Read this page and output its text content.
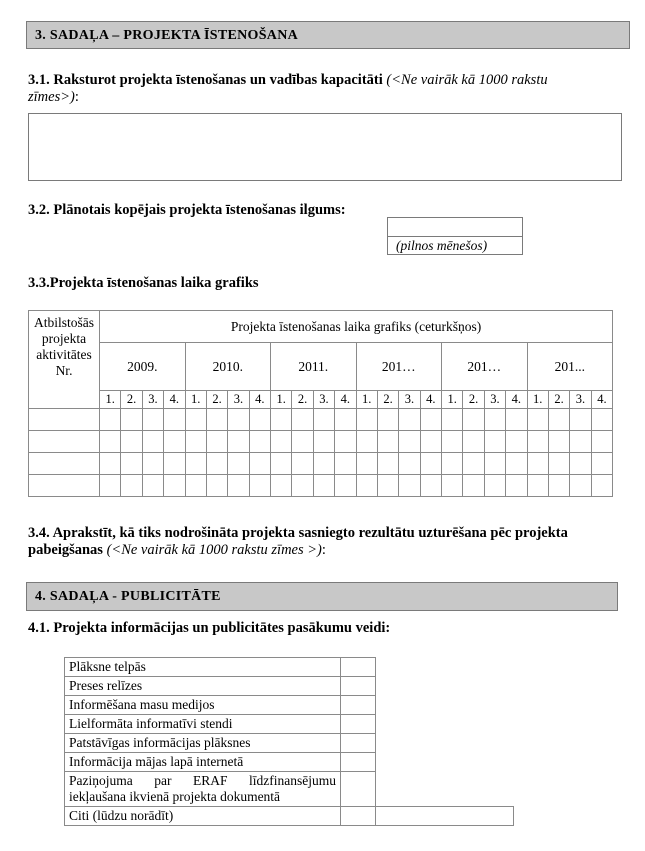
3. SADAĻA – PROJEKTA ĪSTENOŠANA
3.1. Raksturot projekta īstenošanas un vadības kapacitāti (<Ne vairāk kā 1000 rakstu
zīmes>):
3.2. Plānotais kopējais projekta īstenošanas ilgums:
(pilnos mēnešos)
3.3.Projekta īstenošanas laika grafiks
Atbilstošās projekta aktivitātes Nr.	Projekta īstenošanas laika grafiks (ceturkšņos)																							
	2009.				2010.				2011.				201…				201…				201...			
	1.	2.	3.	4.	1.	2.	3.	4.	1.	2.	3.	4.	1.	2.	3.	4.	1.	2.	3.	4.	1.	2.	3.	4.

3.4. Aprakstīt, kā tiks nodrošināta projekta sasniegto rezultātu uzturēšana pēc projekta
pabeigšanas (<Ne vairāk kā 1000 rakstu zīmes >):
4. SADAĻA - PUBLICITĀTE
4.1. Projekta informācijas un publicitātes pasākumu veidi:
Plāksne telpās		
Preses relīzes		
Informēšana masu medijos		
Lielformāta informatīvi stendi		
Patstāvīgas informācijas plāksnes		
Informācija mājas lapā internetā		
Paziņojuma par ERAF līdzfinansējumu iekļaušana ikvienā projekta dokumentā		
Citi (lūdzu norādīt)		
